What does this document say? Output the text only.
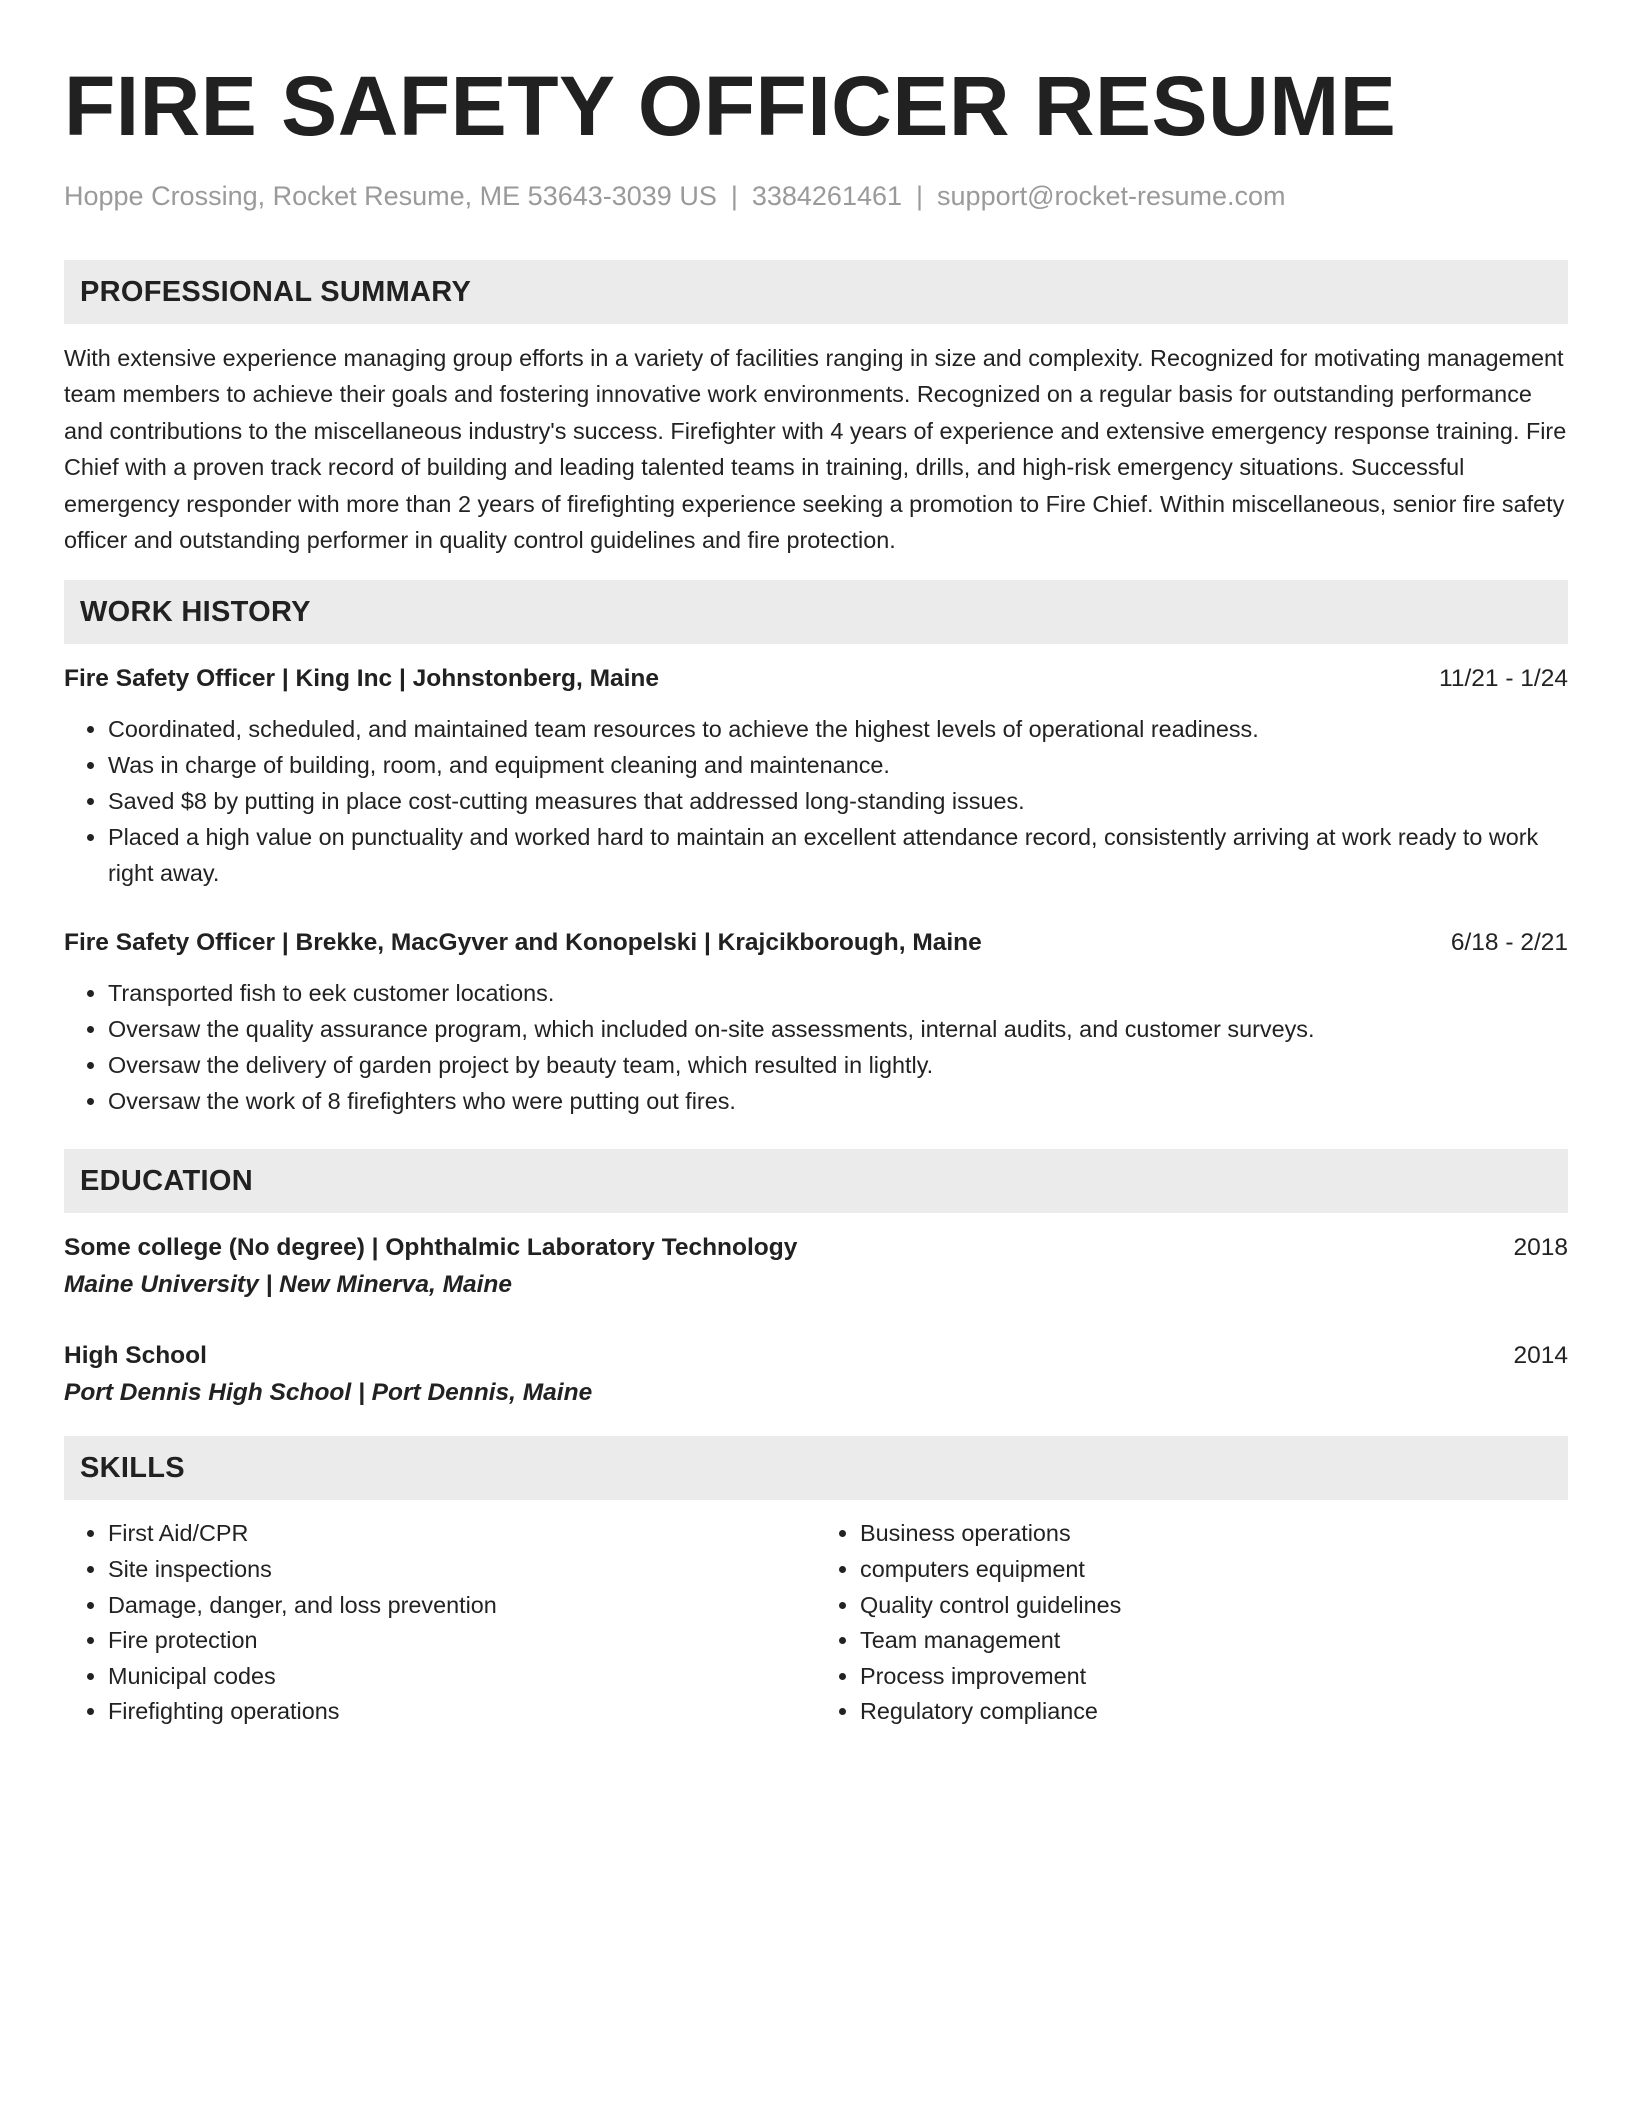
FIRE SAFETY OFFICER RESUME
Hoppe Crossing, Rocket Resume, ME 53643-3039 US | 3384261461 | support@rocket-resume.com
PROFESSIONAL SUMMARY
With extensive experience managing group efforts in a variety of facilities ranging in size and complexity. Recognized for motivating management team members to achieve their goals and fostering innovative work environments. Recognized on a regular basis for outstanding performance and contributions to the miscellaneous industry's success. Firefighter with 4 years of experience and extensive emergency response training. Fire Chief with a proven track record of building and leading talented teams in training, drills, and high-risk emergency situations. Successful emergency responder with more than 2 years of firefighting experience seeking a promotion to Fire Chief. Within miscellaneous, senior fire safety officer and outstanding performer in quality control guidelines and fire protection.
WORK HISTORY
Fire Safety Officer | King Inc | Johnstonberg, Maine	11/21 - 1/24
• Coordinated, scheduled, and maintained team resources to achieve the highest levels of operational readiness.
• Was in charge of building, room, and equipment cleaning and maintenance.
• Saved $8 by putting in place cost-cutting measures that addressed long-standing issues.
• Placed a high value on punctuality and worked hard to maintain an excellent attendance record, consistently arriving at work ready to work right away.
Fire Safety Officer | Brekke, MacGyver and Konopelski | Krajcikborough, Maine	6/18 - 2/21
• Transported fish to eek customer locations.
• Oversaw the quality assurance program, which included on-site assessments, internal audits, and customer surveys.
• Oversaw the delivery of garden project by beauty team, which resulted in lightly.
• Oversaw the work of 8 firefighters who were putting out fires.
EDUCATION
Some college (No degree) | Ophthalmic Laboratory Technology	2018
Maine University | New Minerva, Maine
High School	2014
Port Dennis High School | Port Dennis, Maine
SKILLS
• First Aid/CPR
• Site inspections
• Damage, danger, and loss prevention
• Fire protection
• Municipal codes
• Firefighting operations
• Business operations
• computers equipment
• Quality control guidelines
• Team management
• Process improvement
• Regulatory compliance
